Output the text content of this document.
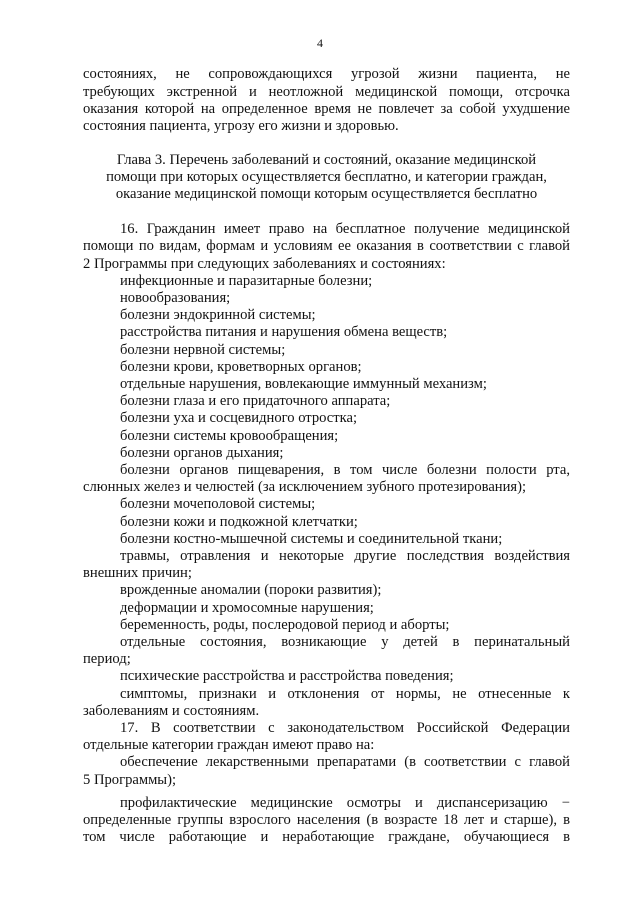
4
состояниях, не сопровождающихся угрозой жизни пациента, не
требующих экстренной и неотложной медицинской помощи, отсрочка
оказания которой на определенное время не повлечет за собой ухудшение
состояния пациента, угрозу его жизни и здоровью.
Глава 3. Перечень заболеваний и состояний, оказание медицинской
помощи при которых осуществляется бесплатно, и категории граждан,
оказание медицинской помощи которым осуществляется бесплатно
16. Гражданин имеет право на бесплатное получение медицинской
помощи по видам, формам и условиям ее оказания в соответствии с главой
2 Программы при следующих заболеваниях и состояниях:
инфекционные и паразитарные болезни;
новообразования;
болезни эндокринной системы;
расстройства питания и нарушения обмена веществ;
болезни нервной системы;
болезни крови, кроветворных органов;
отдельные нарушения, вовлекающие иммунный механизм;
болезни глаза и его придаточного аппарата;
болезни уха и сосцевидного отростка;
болезни системы кровообращения;
болезни органов дыхания;
болезни органов пищеварения, в том числе болезни полости рта,
слюнных желез и челюстей (за исключением зубного протезирования);
болезни мочеполовой системы;
болезни кожи и подкожной клетчатки;
болезни костно-мышечной системы и соединительной ткани;
травмы, отравления и некоторые другие последствия воздействия
внешних причин;
врожденные аномалии (пороки развития);
деформации и хромосомные нарушения;
беременность, роды, послеродовой период и аборты;
отдельные состояния, возникающие у детей в перинатальный
период;
психические расстройства и расстройства поведения;
симптомы, признаки и отклонения от нормы, не отнесенные к
заболеваниям и состояниям.
17. В соответствии с законодательством Российской Федерации
отдельные категории граждан имеют право на:
обеспечение лекарственными препаратами (в соответствии с главой
5 Программы);
профилактические медицинские осмотры и диспансеризацию −
определенные группы взрослого населения (в возрасте 18 лет и старше), в
том числе работающие и неработающие граждане, обучающиеся в
